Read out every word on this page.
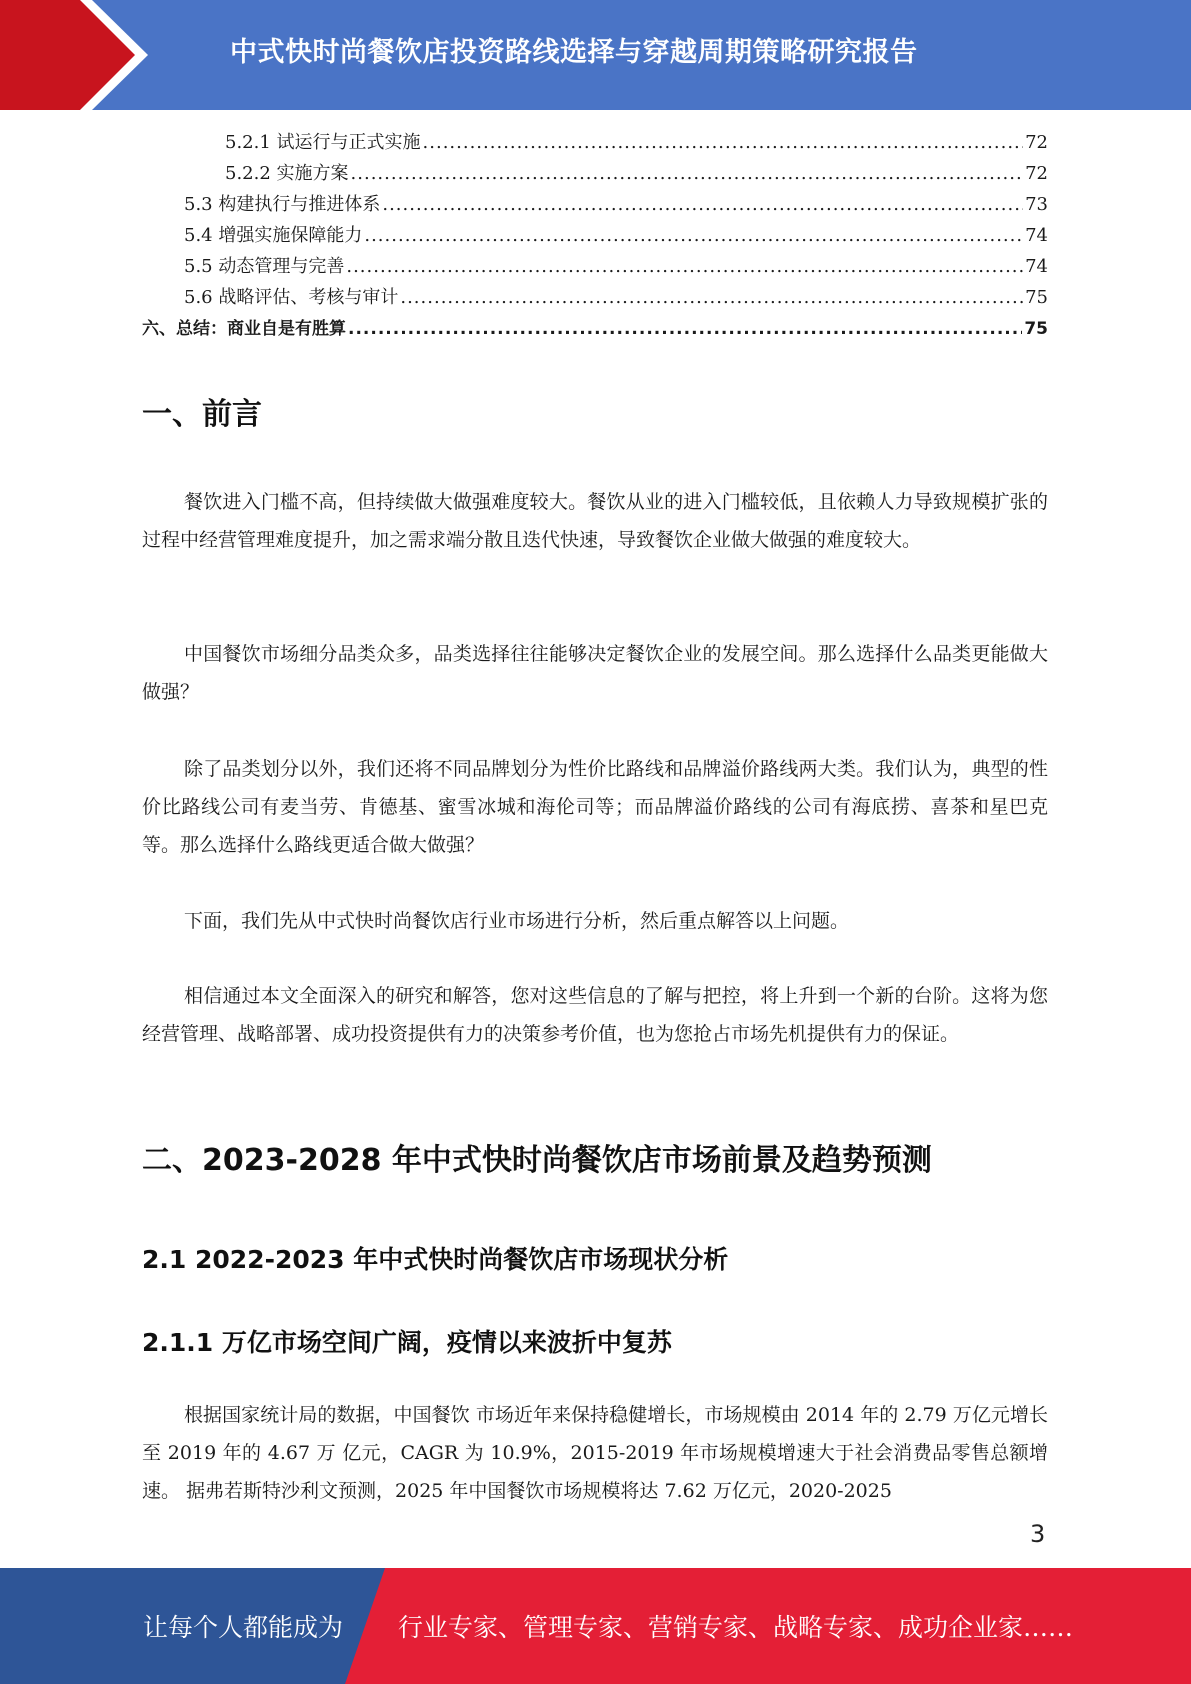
中式快时尚餐饮店投资路线选择与穿越周期策略研究报告
5.2.1 试运行与正式实施 .....	72
5.2.2 实施方案 .....	72
5.3 构建执行与推进体系 .....	73
5.4 增强实施保障能力 .....	74
5.5 动态管理与完善 .....	74
5.6 战略评估、考核与审计 .....	75
六、总结：商业自是有胜算 .....	75
一、前言

餐饮进入门槛不高，但持续做大做强难度较大。餐饮从业的进入门槛较低，且依赖人力导致规模扩张的过程中经营管理难度提升，加之需求端分散且迭代快速，导致餐饮企业做大做强的难度较大。

中国餐饮市场细分品类众多，品类选择往往能够决定餐饮企业的发展空间。那么选择什么品类更能做大做强？

除了品类划分以外，我们还将不同品牌划分为性价比路线和品牌溢价路线两大类。我们认为，典型的性价比路线公司有麦当劳、肯德基、蜜雪冰城和海伦司等；而品牌溢价路线的公司有海底捞、喜茶和星巴克等。那么选择什么路线更适合做大做强？

下面，我们先从中式快时尚餐饮店行业市场进行分析，然后重点解答以上问题。

相信通过本文全面深入的研究和解答，您对这些信息的了解与把控，将上升到一个新的台阶。这将为您经营管理、战略部署、成功投资提供有力的决策参考价值，也为您抢占市场先机提供有力的保证。

二、2023-2028 年中式快时尚餐饮店市场前景及趋势预测
2.1 2022-2023 年中式快时尚餐饮店市场现状分析
2.1.1 万亿市场空间广阔，疫情以来波折中复苏

根据国家统计局的数据，中国餐饮 市场近年来保持稳健增长，市场规模由 2014 年的 2.79 万亿元增长至 2019 年的 4.67 万 亿元，CAGR 为 10.9%，2015-2019 年市场规模增速大于社会消费品零售总额增速。 据弗若斯特沙利文预测，2025 年中国餐饮市场规模将达 7.62 万亿元，2020-2025

3
让每个人都能成为 行业专家、管理专家、营销专家、战略专家、成功企业家……
